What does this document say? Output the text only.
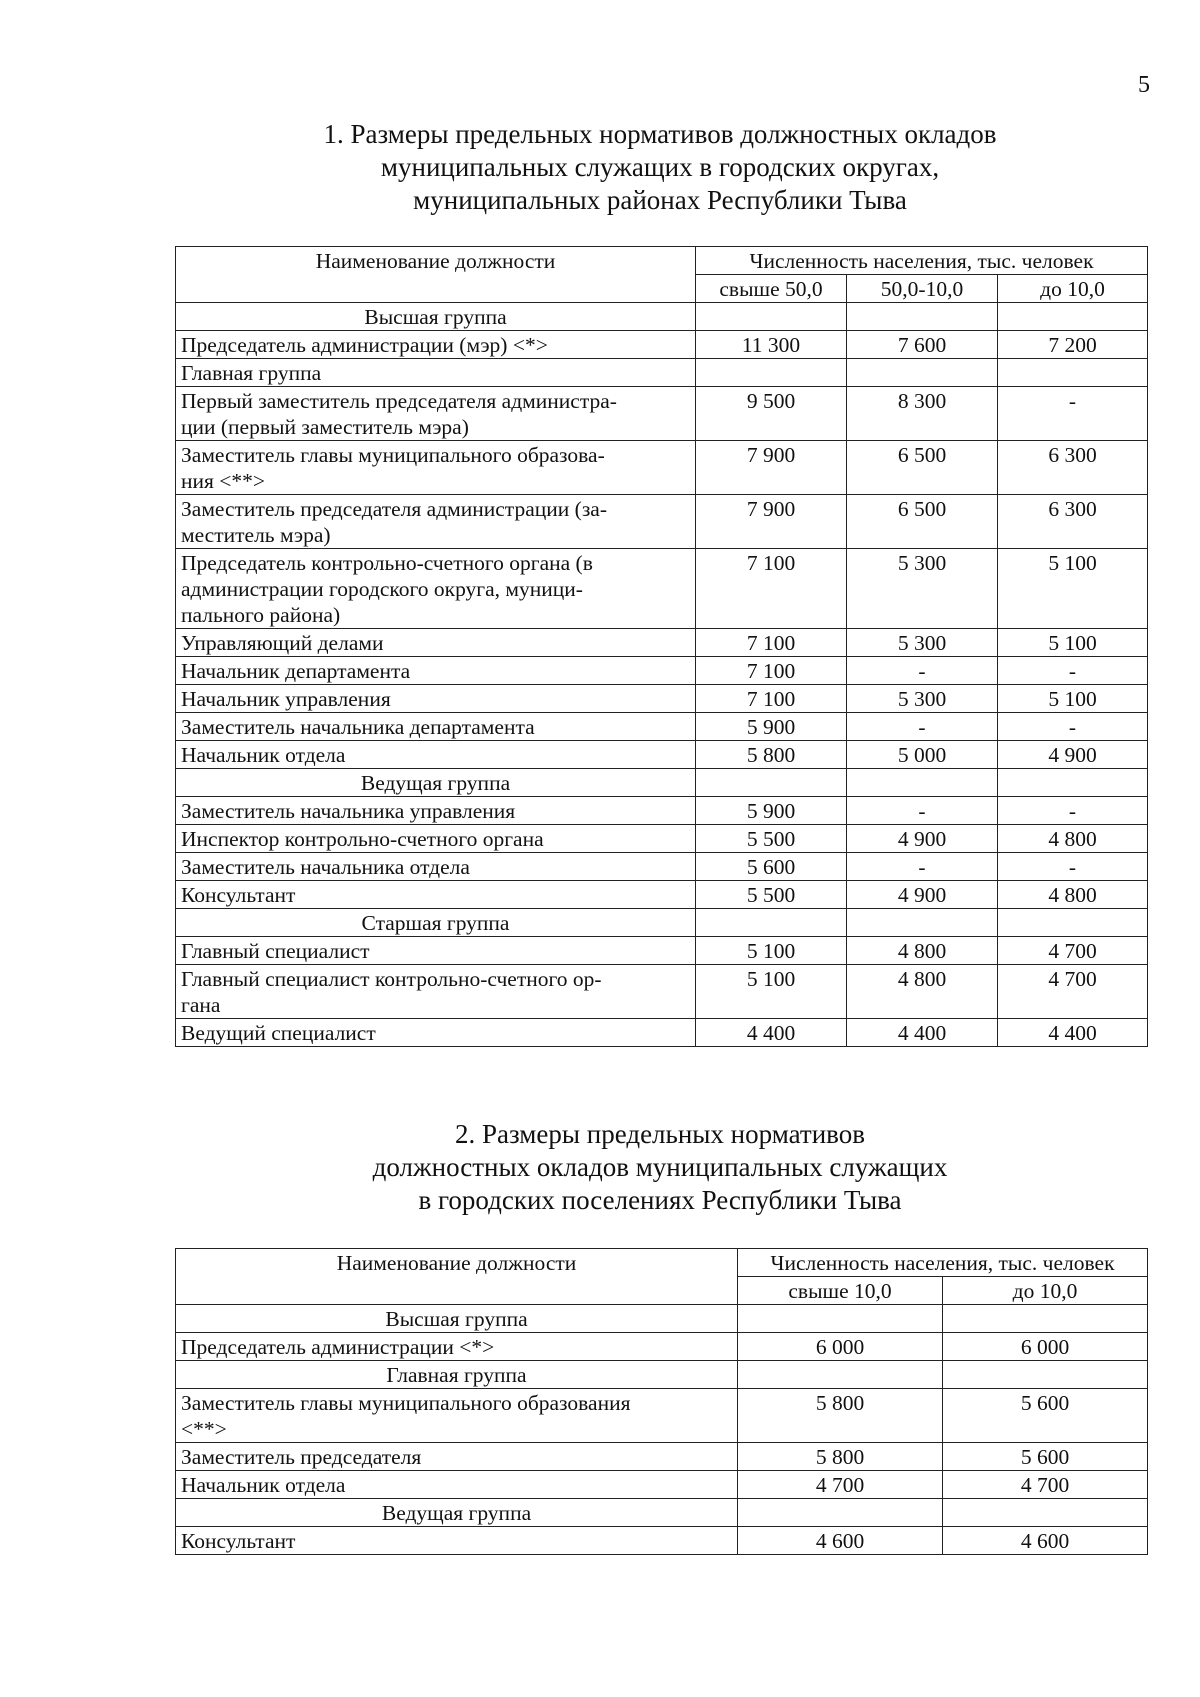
5
1. Размеры предельных нормативов должностных окладов
муниципальных служащих в городских округах,
муниципальных районах Республики Тыва
Наименование должности	Численность населения, тыс. человек		
	свыше 50,0	50,0-10,0	до 10,0
Высшая группа			
Председатель администрации (мэр) <*>	11 300	7 600	7 200
Главная группа			

Первый заместитель председателя администра-
ции (первый заместитель мэра)	9 500	8 300	-

Заместитель главы муниципального образова-
ния <**>	7 900	6 500	6 300

Заместитель председателя администрации (за-
меститель мэра)	7 900	6 500	6 300

Председатель контрольно-счетного органа (в
администрации городского округа, муници-
пального района)	7 100	5 300	5 100
Управляющий делами	7 100	5 300	5 100
Начальник департамента	7 100	-	-
Начальник управления	7 100	5 300	5 100
Заместитель начальника департамента	5 900	-	-
Начальник отдела	5 800	5 000	4 900
Ведущая группа			
Заместитель начальника управления	5 900	-	-
Инспектор контрольно-счетного органа	5 500	4 900	4 800
Заместитель начальника отдела	5 600	-	-
Консультант	5 500	4 900	4 800
Старшая группа			
Главный специалист	5 100	4 800	4 700

Главный специалист контрольно-счетного ор-
гана	5 100	4 800	4 700
Ведущий специалист	4 400	4 400	4 400
2. Размеры предельных нормативов
должностных окладов муниципальных служащих
в городских поселениях Республики Тыва
Наименование должности	Численность населения, тыс. человек	
	свыше 10,0	до 10,0
Высшая группа		
Председатель администрации <*>	6 000	6 000
Главная группа		

Заместитель главы муниципального образования
<**>	5 800	5 600
Заместитель председателя	5 800	5 600
Начальник отдела	4 700	4 700
Ведущая группа		
Консультант	4 600	4 600
